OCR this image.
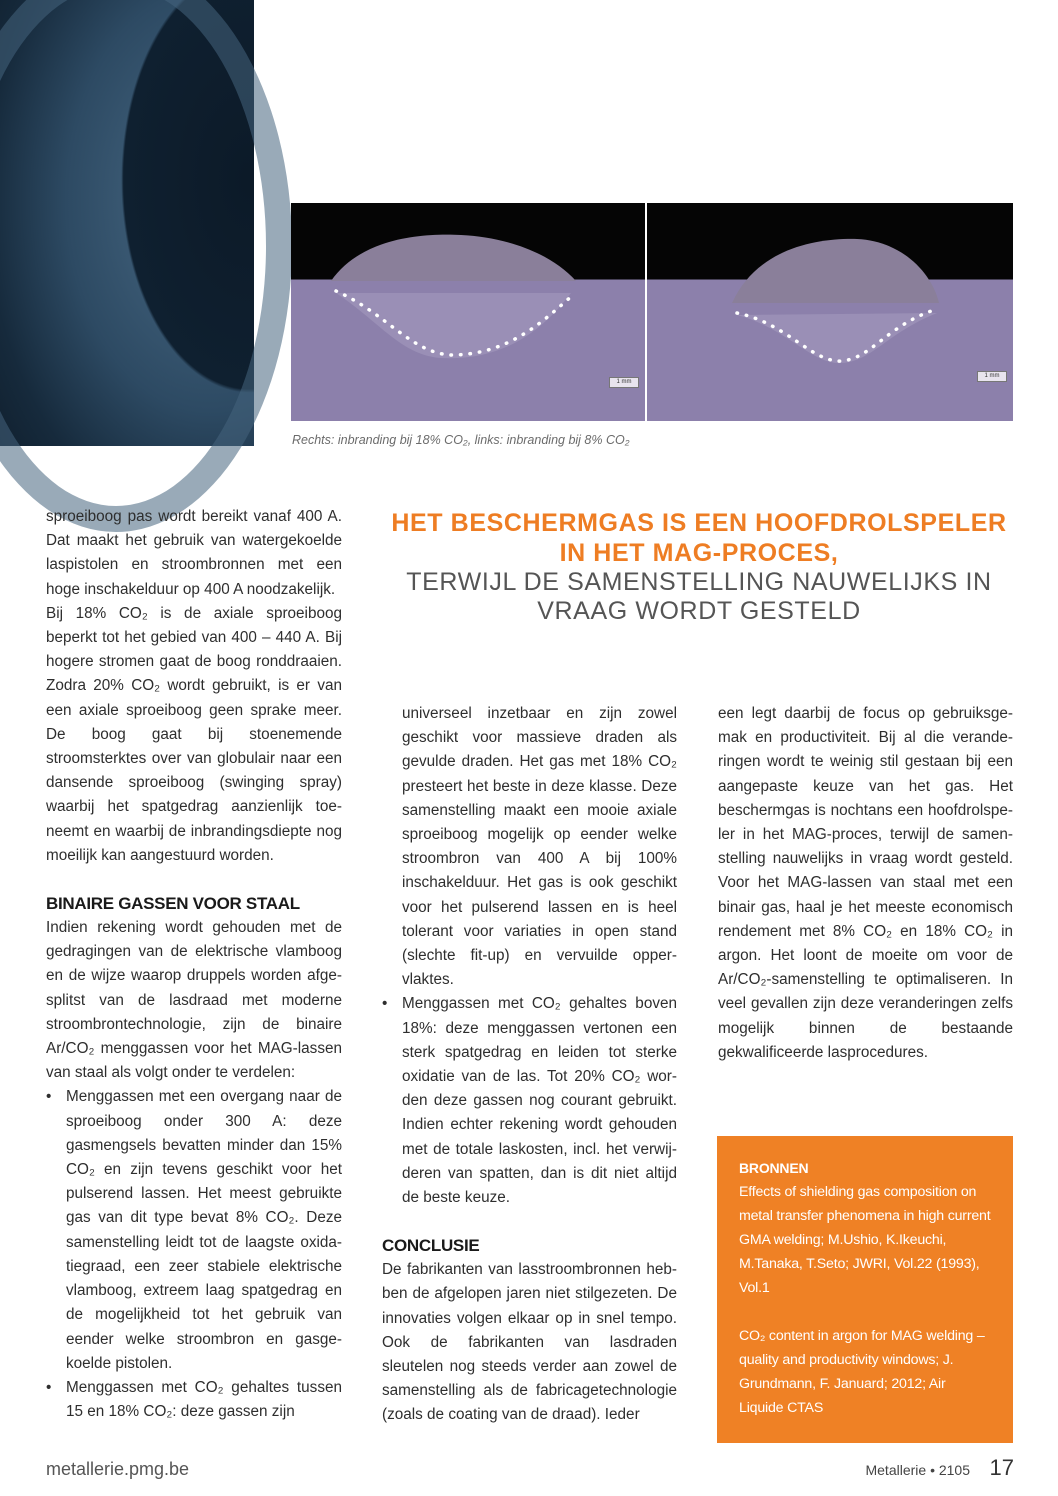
1 mm
1 mm
Rechts: inbranding bij 18% CO₂, links: inbranding bij 8% CO₂

sproeiboog pas wordt bereikt vanaf 400 A. Dat maakt het gebruik van watergekoelde laspistolen en stroombronnen met een hoge inschakelduur op 400 A noodzakelijk.

Bij 18% CO₂ is de axiale sproeiboog beperkt tot het gebied van 400 – 440 A. Bij hogere stromen gaat de boog ronddraaien. Zodra 20% CO₂ wordt gebruikt, is er van een axiale sproeiboog geen sprake meer. De boog gaat bij stoenemende stroomsterktes over van globulair naar een dansende sproeiboog (swinging spray) waarbij het spatgedrag aanzienlijk toeneemt en waarbij de inbrandingsdiepte nog moeilijk kan aangestuurd worden.

BINAIRE GASSEN VOOR STAAL

Indien rekening wordt gehouden met de gedragingen van de elektrische vlamboog en de wijze waarop druppels worden afgesplitst van de lasdraad met moderne stroombrontechnologie, zijn de binaire Ar/CO₂ menggassen voor het MAG-lassen van staal als volgt onder te verdelen:

• Menggassen met een overgang naar de sproeiboog onder 300 A: deze gasmengsels bevatten minder dan 15% CO₂ en zijn tevens geschikt voor het pulserend lassen. Het meest gebruikte gas van dit type bevat 8% CO₂. Deze samenstelling leidt tot de laagste oxidatiegraad, een zeer stabiele elektrische vlamboog, extreem laag spatgedrag en de mogelijkheid tot het gebruik van eender welke stroombron en gasgekoelde pistolen.
• Menggassen met CO₂ gehaltes tussen 15 en 18% CO₂: deze gassen zijn
HET BESCHERMGAS IS EEN HOOFDROLSPELER IN HET MAG-PROCES,
TERWIJL DE SAMENSTELLING NAUWELIJKS IN VRAAG WORDT GESTELD

universeel inzetbaar en zijn zowel geschikt voor massieve draden als gevulde draden. Het gas met 18% CO₂ presteert het beste in deze klasse. Deze samenstelling maakt een mooie axiale sproeiboog mogelijk op eender welke stroombron van 400 A bij 100% inschakelduur. Het gas is ook geschikt voor het pulserend lassen en is heel tolerant voor variaties in open stand (slechte fit-up) en vervuilde oppervlaktes.

• Menggassen met CO₂ gehaltes boven 18%: deze menggassen vertonen een sterk spatgedrag en leiden tot sterke oxidatie van de las. Tot 20% CO₂ worden deze gassen nog courant gebruikt. Indien echter rekening wordt gehouden met de totale laskosten, incl. het verwijderen van spatten, dan is dit niet altijd de beste keuze.
CONCLUSIE

De fabrikanten van lasstroombronnen hebben de afgelopen jaren niet stilgezeten. De innovaties volgen elkaar op in snel tempo. Ook de fabrikanten van lasdraden sleutelen nog steeds verder aan zowel de samenstelling als de fabricagetechnologie (zoals de coating van de draad). Ieder

een legt daarbij de focus op gebruiksgemak en productiviteit. Bij al die veranderingen wordt te weinig stil gestaan bij een aangepaste keuze van het gas. Het beschermgas is nochtans een hoofdrolspeler in het MAG-proces, terwijl de samenstelling nauwelijks in vraag wordt gesteld. Voor het MAG-lassen van staal met een binair gas, haal je het meeste economisch rendement met 8% CO₂ en 18% CO₂ in argon. Het loont de moeite om voor de Ar/CO₂-samenstelling te optimaliseren. In veel gevallen zijn deze veranderingen zelfs mogelijk binnen de bestaande gekwalificeerde lasprocedures.

BRONNEN

Effects of shielding gas composition on metal transfer phenomena in high current GMA welding; M.Ushio, K.Ikeuchi, M.Tanaka, T.Seto; JWRI, Vol.22 (1993), Vol.1

CO₂ content in argon for MAG welding – quality and productivity windows; J. Grundmann, F. Januard; 2012; Air Liquide CTAS

metallerie.pmg.be	Metallerie • 2105 17
